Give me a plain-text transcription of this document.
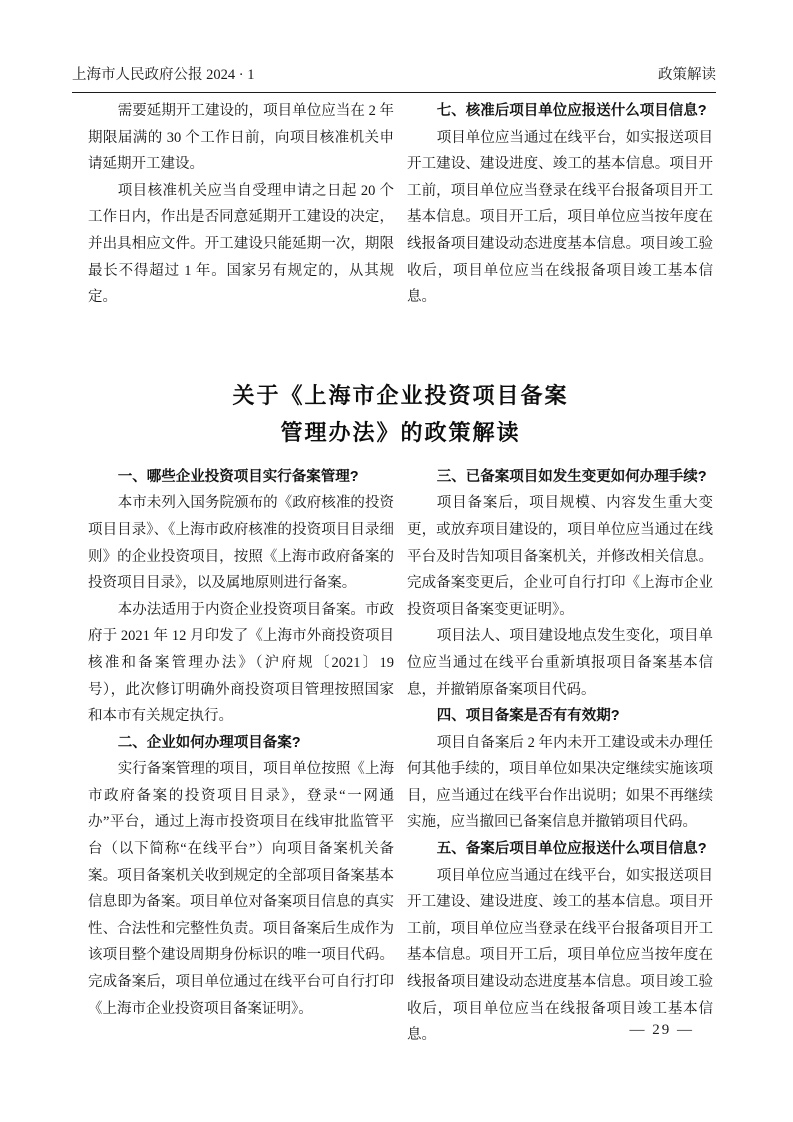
上海市人民政府公报 2024 · 1	政策解读

需要延期开工建设的，项目单位应当在 2 年期限届满的 30 个工作日前，向项目核准机关申请延期开工建设。

项目核准机关应当自受理申请之日起 20 个工作日内，作出是否同意延期开工建设的决定，并出具相应文件。开工建设只能延期一次，期限最长不得超过 1 年。国家另有规定的，从其规定。

七、核准后项目单位应报送什么项目信息?

项目单位应当通过在线平台，如实报送项目开工建设、建设进度、竣工的基本信息。项目开工前，项目单位应当登录在线平台报备项目开工基本信息。项目开工后，项目单位应当按年度在线报备项目建设动态进度基本信息。项目竣工验收后，项目单位应当在线报备项目竣工基本信息。

关于《上海市企业投资项目备案
管理办法》的政策解读
一、哪些企业投资项目实行备案管理?

本市未列入国务院颁布的《政府核准的投资项目目录》、《上海市政府核准的投资项目目录细则》的企业投资项目，按照《上海市政府备案的投资项目目录》，以及属地原则进行备案。

本办法适用于内资企业投资项目备案。市政府于 2021 年 12 月印发了《上海市外商投资项目核准和备案管理办法》（沪府规〔2021〕19 号），此次修订明确外商投资项目管理按照国家和本市有关规定执行。

二、企业如何办理项目备案?

实行备案管理的项目，项目单位按照《上海市政府备案的投资项目目录》，登录“一网通办”平台，通过上海市投资项目在线审批监管平台（以下简称“在线平台”）向项目备案机关备案。项目备案机关收到规定的全部项目备案基本信息即为备案。项目单位对备案项目信息的真实性、合法性和完整性负责。项目备案后生成作为该项目整个建设周期身份标识的唯一项目代码。完成备案后，项目单位通过在线平台可自行打印《上海市企业投资项目备案证明》。

三、已备案项目如发生变更如何办理手续?

项目备案后，项目规模、内容发生重大变更，或放弃项目建设的，项目单位应当通过在线平台及时告知项目备案机关，并修改相关信息。完成备案变更后，企业可自行打印《上海市企业投资项目备案变更证明》。

项目法人、项目建设地点发生变化，项目单位应当通过在线平台重新填报项目备案基本信息，并撤销原备案项目代码。

四、项目备案是否有有效期?

项目自备案后 2 年内未开工建设或未办理任何其他手续的，项目单位如果决定继续实施该项目，应当通过在线平台作出说明；如果不再继续实施，应当撤回已备案信息并撤销项目代码。

五、备案后项目单位应报送什么项目信息?

项目单位应当通过在线平台，如实报送项目开工建设、建设进度、竣工的基本信息。项目开工前，项目单位应当登录在线平台报备项目开工基本信息。项目开工后，项目单位应当按年度在线报备项目建设动态进度基本信息。项目竣工验收后，项目单位应当在线报备项目竣工基本信息。	— 29 —
